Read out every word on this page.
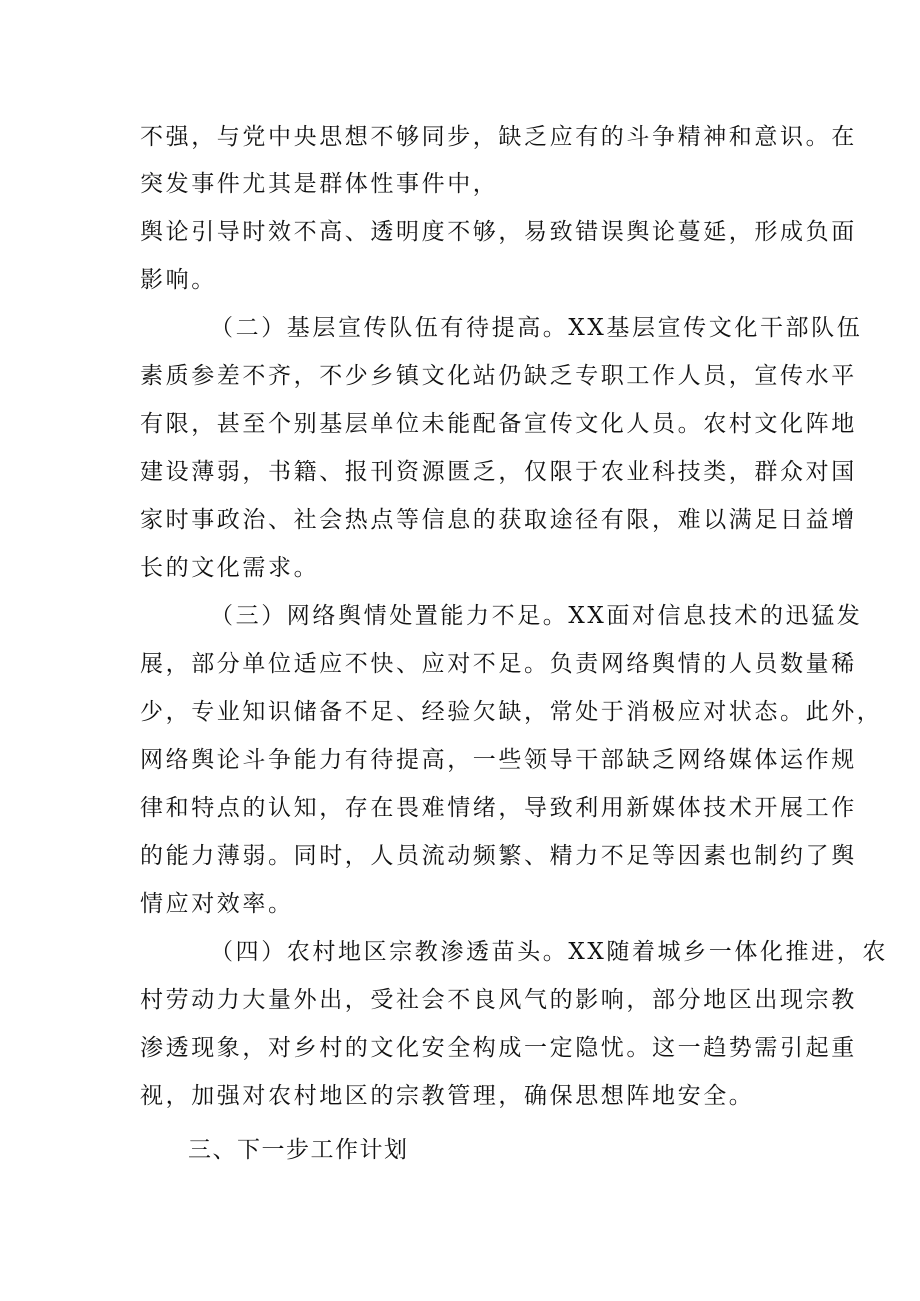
不强，与党中央思想不够同步，缺乏应有的斗争精神和意识。在
突发事件尤其是群体性事件中，
舆论引导时效不高、透明度不够，易致错误舆论蔓延，形成负面
影响。
（二）基层宣传队伍有待提高。XX基层宣传文化干部队伍
素质参差不齐，不少乡镇文化站仍缺乏专职工作人员，宣传水平
有限，甚至个别基层单位未能配备宣传文化人员。农村文化阵地
建设薄弱，书籍、报刊资源匮乏，仅限于农业科技类，群众对国
家时事政治、社会热点等信息的获取途径有限，难以满足日益增
长的文化需求。
（三）网络舆情处置能力不足。XX面对信息技术的迅猛发
展，部分单位适应不快、应对不足。负责网络舆情的人员数量稀
少，专业知识储备不足、经验欠缺，常处于消极应对状态。此外，
网络舆论斗争能力有待提高，一些领导干部缺乏网络媒体运作规
律和特点的认知，存在畏难情绪，导致利用新媒体技术开展工作
的能力薄弱。同时，人员流动频繁、精力不足等因素也制约了舆
情应对效率。
（四）农村地区宗教渗透苗头。XX随着城乡一体化推进，农
村劳动力大量外出，受社会不良风气的影响，部分地区出现宗教
渗透现象，对乡村的文化安全构成一定隐忧。这一趋势需引起重
视，加强对农村地区的宗教管理，确保思想阵地安全。
三、下一步工作计划
